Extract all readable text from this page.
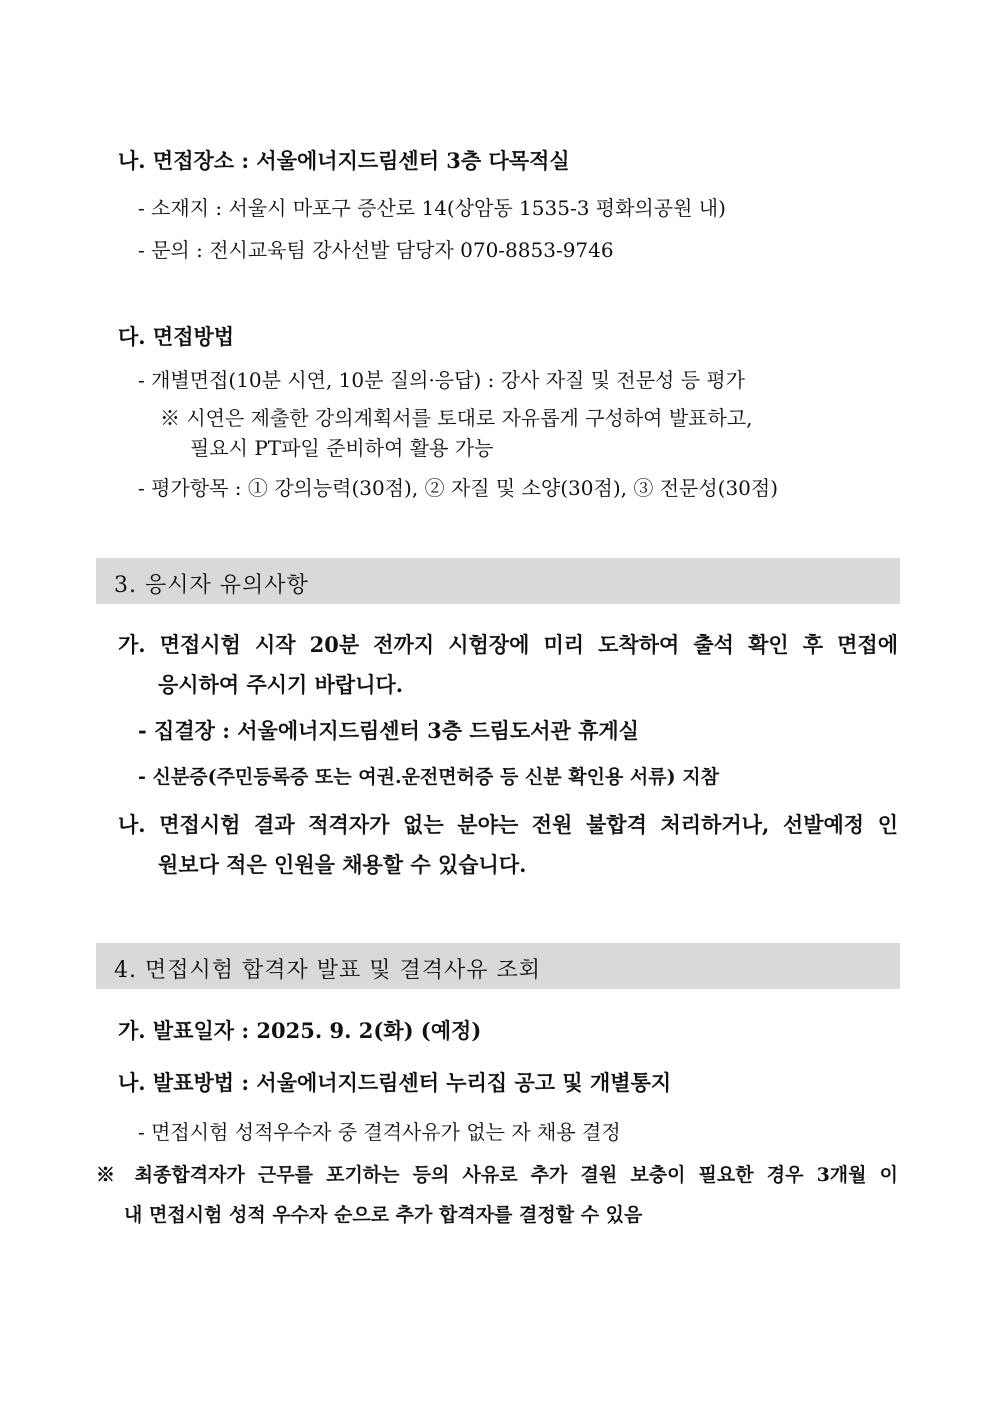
나. 면접장소 : 서울에너지드림센터 3층 다목적실

- 소재지 : 서울시 마포구 증산로 14(상암동 1535-3 평화의공원 내)

- 문의 : 전시교육팀 강사선발 담당자 070-8853-9746

다. 면접방법

- 개별면접(10분 시연, 10분 질의·응답) : 강사 자질 및 전문성 등 평가

※ 시연은 제출한 강의계획서를 토대로 자유롭게 구성하여 발표하고,

필요시 PT파일 준비하여 활용 가능

- 평가항목 : ① 강의능력(30점), ② 자질 및 소양(30점), ③ 전문성(30점)

3. 응시자 유의사항

가. 면접시험 시작 20분 전까지 시험장에 미리 도착하여 출석 확인 후 면접에

응시하여 주시기 바랍니다.

- 집결장 : 서울에너지드림센터 3층 드림도서관 휴게실

- 신분증(주민등록증 또는 여권.운전면허증 등 신분 확인용 서류) 지참

나. 면접시험 결과 적격자가 없는 분야는 전원 불합격 처리하거나, 선발예정 인

원보다 적은 인원을 채용할 수 있습니다.

4. 면접시험 합격자 발표 및 결격사유 조회

가. 발표일자 : 2025. 9. 2(화) (예정)

나. 발표방법 : 서울에너지드림센터 누리집 공고 및 개별통지

- 면접시험 성적우수자 중 결격사유가 없는 자 채용 결정

※ 최종합격자가 근무를 포기하는 등의 사유로 추가 결원 보충이 필요한 경우 3개월 이

내 면접시험 성적 우수자 순으로 추가 합격자를 결정할 수 있음
